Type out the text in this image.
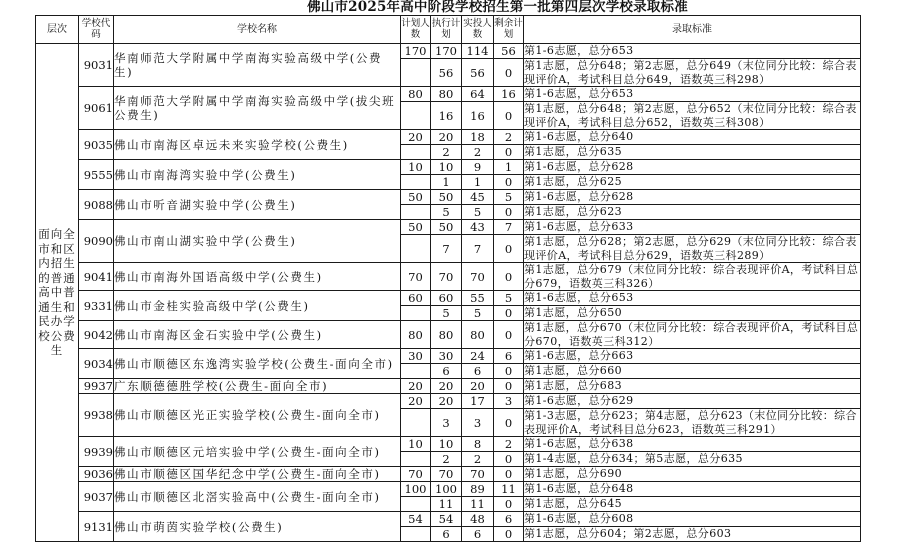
佛山市2025年高中阶段学校招生第一批第四层次学校录取标准
层次	学校代码	学校名称	计划人数	执行计划	实投人数	剩余计划	录取标准
面向全市和区内招生的普通高中普通生和民办学校公费生	9031	华南师范大学附属中学南海实验高级中学(公费生)	170	170	114	56	第1-6志愿，总分653
				56	56	0	第1志愿，总分648；第2志愿，总分649（末位同分比较：综合表现评价A，考试科目总分649，语数英三科298）
	9061	华南师范大学附属中学南海实验高级中学(拔尖班公费生)	80	80	64	16	第1-6志愿，总分653
				16	16	0	第1志愿，总分648；第2志愿，总分652（末位同分比较：综合表现评价A，考试科目总分652，语数英三科308）
	9035	佛山市南海区卓远未来实验学校(公费生)	20	20	18	2	第1-6志愿，总分640
				2	2	0	第1志愿，总分635
	9555	佛山市南海湾实验中学(公费生)	10	10	9	1	第1-6志愿，总分628
				1	1	0	第1志愿，总分625
	9088	佛山市听音湖实验中学(公费生)	50	50	45	5	第1-6志愿，总分628
				5	5	0	第1志愿，总分623
	9090	佛山市南山湖实验中学(公费生)	50	50	43	7	第1-6志愿，总分633
				7	7	0	第1志愿，总分628；第2志愿，总分629（末位同分比较：综合表现评价A，考试科目总分629，语数英三科289）
	9041	佛山市南海外国语高级中学(公费生)	70	70	70	0	第1志愿，总分679（末位同分比较：综合表现评价A，考试科目总分679，语数英三科326）
	9331	佛山市金桂实验高级中学(公费生)	60	60	55	5	第1-6志愿，总分653
				5	5	0	第1志愿，总分650
	9042	佛山市南海区金石实验中学(公费生)	80	80	80	0	第1志愿，总分670（末位同分比较：综合表现评价A，考试科目总分670，语数英三科312）
	9034	佛山市顺德区东逸湾实验学校(公费生-面向全市)	30	30	24	6	第1-6志愿，总分663
				6	6	0	第1志愿，总分660
	9937	广东顺德德胜学校(公费生-面向全市)	20	20	20	0	第1志愿，总分683
	9938	佛山市顺德区光正实验学校(公费生-面向全市)	20	20	17	3	第1-6志愿，总分629
				3	3	0	第1-3志愿，总分623；第4志愿，总分623（末位同分比较：综合表现评价A，考试科目总分623，语数英三科291）
	9939	佛山市顺德区元培实验中学(公费生-面向全市)	10	10	8	2	第1-6志愿，总分638
				2	2	0	第1-4志愿，总分634；第5志愿，总分635
	9036	佛山市顺德区国华纪念中学(公费生-面向全市)	70	70	70	0	第1志愿，总分690
	9037	佛山市顺德区北滘实验高中(公费生-面向全市)	100	100	89	11	第1-6志愿，总分648
				11	11	0	第1志愿，总分645
	9131	佛山市萌茵实验学校(公费生)	54	54	48	6	第1-6志愿，总分608
				6	6	0	第1志愿，总分604；第2志愿，总分603
